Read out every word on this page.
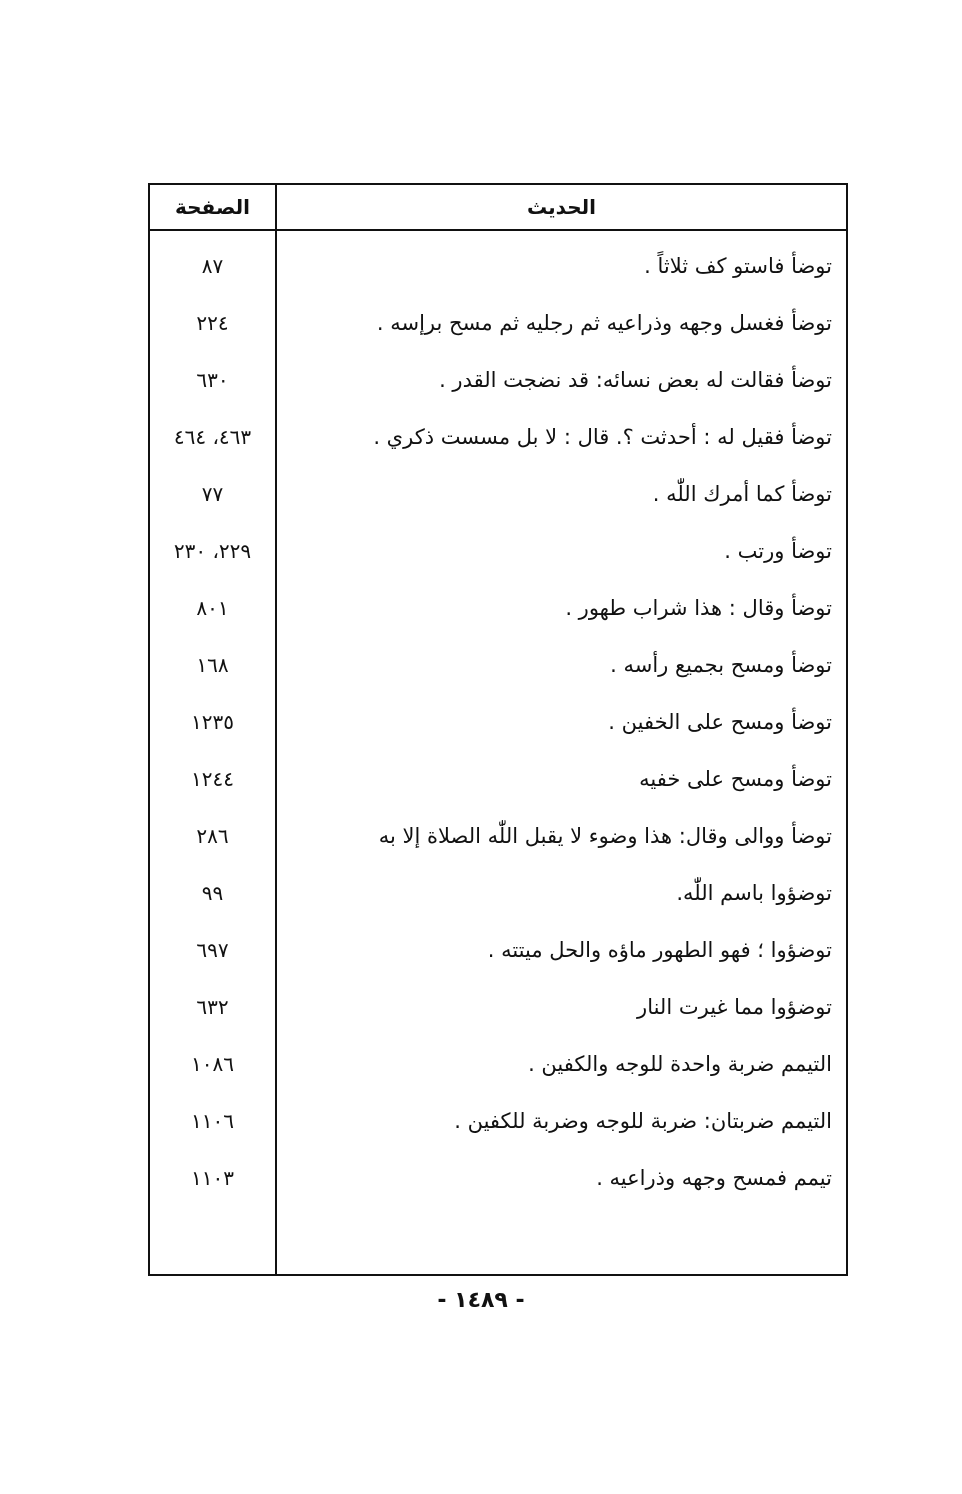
الحديث
توضأ فاستو كف ثلاثاً .
توضأ فغسل وجهه وذراعيه ثم رجليه ثم مسح برإسه .
توضأ فقالت له بعض نسائه: قد نضجت القدر .
توضأ فقيل له : أحدثت ؟. قال : لا بل مسست ذكري .
توضأ كما أمرك اللّٰه .
توضأ ورتب .
توضأ وقال : هذا شراب طهور .
توضأ ومسح بجميع رأسه .
توضأ ومسح على الخفين .
توضأ ومسح على خفيه
توضأ ووالى وقال: هذا وضوء لا يقبل اللّٰه الصلاة إلا به
توضؤوا باسم اللّٰه.
توضؤوا ؛ فهو الطهور ماؤه والحل ميتته .
توضؤوا مما غيرت النار
التيمم ضربة واحدة للوجه والكفين .
التيمم ضربتان: ضربة للوجه وضربة للكفين .
تيمم فمسح وجهه وذراعيه .
الصفحة
٨٧
٢٢٤
٦٣٠
٤٦٣، ٤٦٤
٧٧
٢٢٩، ٢٣٠
٨٠١
١٦٨
١٢٣٥
١٢٤٤
٢٨٦
٩٩
٦٩٧
٦٣٢
١٠٨٦
١١٠٦
١١٠٣
- ١٤٨٩ -
